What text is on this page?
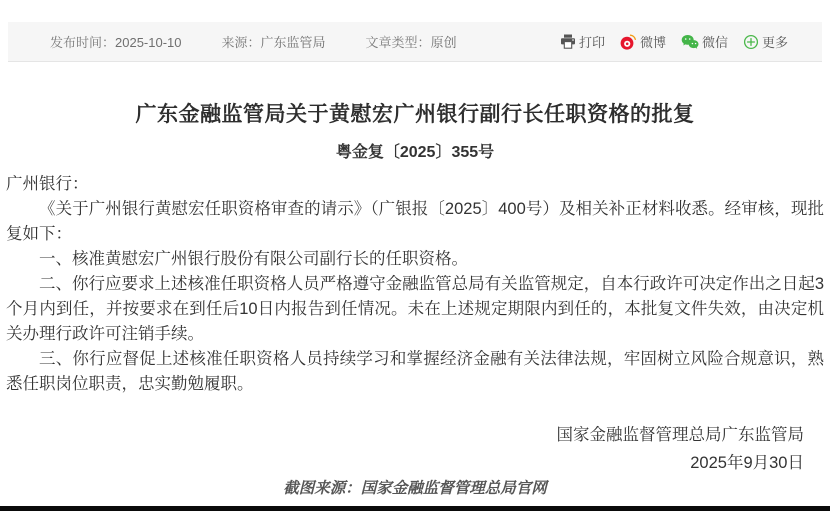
发布时间：2025-10-10	来源：广东监管局	文章类型：原创	打印	微博	微信	更多
广东金融监管局关于黄慰宏广州银行副行长任职资格的批复
粤金复〔2025〕355号

广州银行：

《关于广州银行黄慰宏任职资格审查的请示》（广银报〔2025〕400号）及相关补正材料收悉。经审核，现批复如下：

一、核准黄慰宏广州银行股份有限公司副行长的任职资格。

二、你行应要求上述核准任职资格人员严格遵守金融监管总局有关监管规定，自本行政许可决定作出之日起3个月内到任，并按要求在到任后10日内报告到任情况。未在上述规定期限内到任的，本批复文件失效，由决定机关办理行政许可注销手续。

三、你行应督促上述核准任职资格人员持续学习和掌握经济金融有关法律法规，牢固树立风险合规意识，熟悉任职岗位职责，忠实勤勉履职。

国家金融监督管理总局广东监管局
2025年9月30日
截图来源：国家金融监督管理总局官网
